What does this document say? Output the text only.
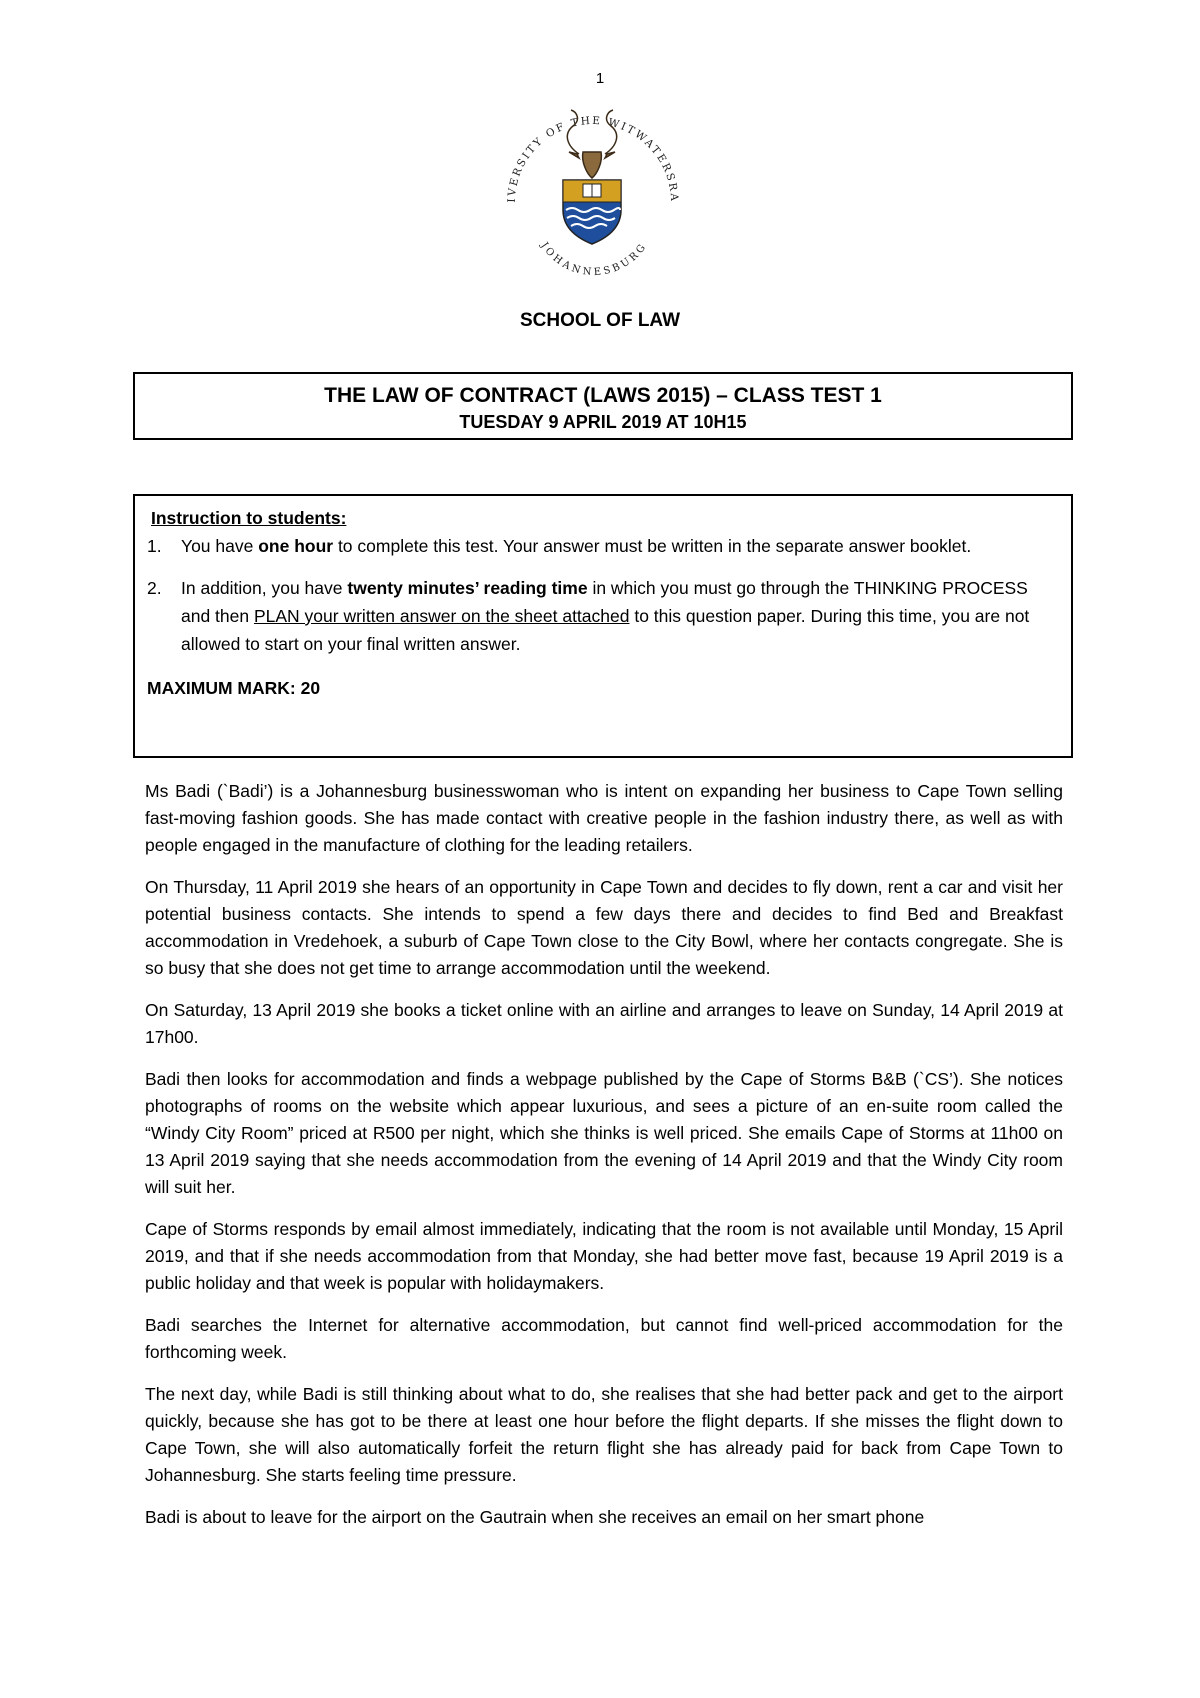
1
IVERSITY OF THE WITWATERSRA
JOHANNESBURG
SCHOOL OF LAW
THE LAW OF CONTRACT (LAWS 2015) – CLASS TEST 1
TUESDAY 9 APRIL 2019 AT 10H15
Instruction to students:
1.	You have one hour to complete this test. Your answer must be written in the separate answer booklet.
2.	In addition, you have twenty minutes’ reading time in which you must go through the THINKING PROCESS and then PLAN your written answer on the sheet attached to this question paper. During this time, you are not allowed to start on your final written answer.
MAXIMUM MARK: 20

Ms Badi (`Badi’) is a Johannesburg businesswoman who is intent on expanding her business to Cape Town selling fast-moving fashion goods. She has made contact with creative people in the fashion industry there, as well as with people engaged in the manufacture of clothing for the leading retailers.

On Thursday, 11 April 2019 she hears of an opportunity in Cape Town and decides to fly down, rent a car and visit her potential business contacts. She intends to spend a few days there and decides to find Bed and Breakfast accommodation in Vredehoek, a suburb of Cape Town close to the City Bowl, where her contacts congregate. She is so busy that she does not get time to arrange accommodation until the weekend.

On Saturday, 13 April 2019 she books a ticket online with an airline and arranges to leave on Sunday, 14 April 2019 at 17h00.

Badi then looks for accommodation and finds a webpage published by the Cape of Storms B&B (`CS’). She notices photographs of rooms on the website which appear luxurious, and sees a picture of an en-suite room called the “Windy City Room” priced at R500 per night, which she thinks is well priced. She emails Cape of Storms at 11h00 on 13 April 2019 saying that she needs accommodation from the evening of 14 April 2019 and that the Windy City room will suit her.

Cape of Storms responds by email almost immediately, indicating that the room is not available until Monday, 15 April 2019, and that if she needs accommodation from that Monday, she had better move fast, because 19 April 2019 is a public holiday and that week is popular with holidaymakers.

Badi searches the Internet for alternative accommodation, but cannot find well-priced accommodation for the forthcoming week.

The next day, while Badi is still thinking about what to do, she realises that she had better pack and get to the airport quickly, because she has got to be there at least one hour before the flight departs. If she misses the flight down to Cape Town, she will also automatically forfeit the return flight she has already paid for back from Cape Town to Johannesburg. She starts feeling time pressure.

Badi is about to leave for the airport on the Gautrain when she receives an email on her smart phone
